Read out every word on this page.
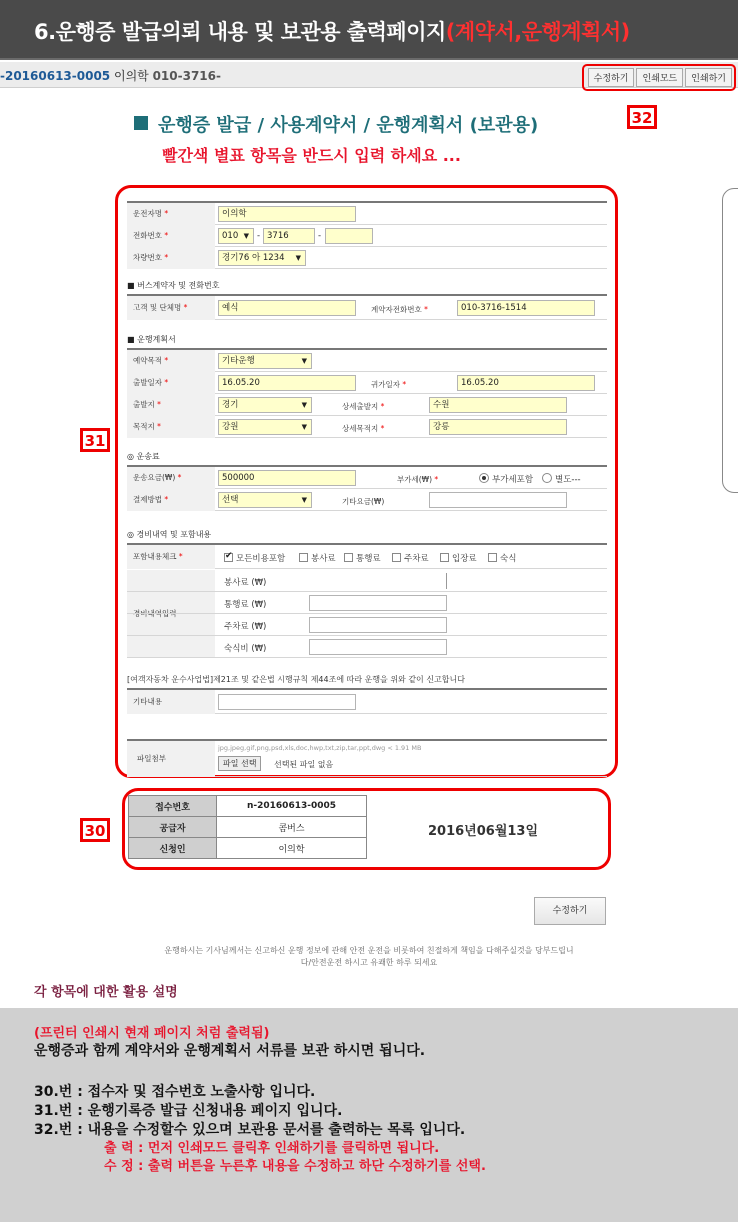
6.운행증 발급의뢰 내용 및 보관용 출력페이지(계약서,운행계획서)
-20160613-0005 이의학 010-3716-	수정하기	인쇄모드	인쇄하기
운행증 발급 / 사용계약서 / 운행계획서 (보관용)	32
빨간색 별표 항목을 반드시 입력 하세요 ...
31
운전자명 *	이의학
전화번호 *	010 ▼ - 3716	-
차량번호 *	경기76 아 1234 ▼
■ 버스계약자 및 전화번호
고객 및 단체명 *	예식	계약자전화번호 *	010-3716-1514
■ 운행계획서
예약목적 *	기타운행	▼
출발일자 *	16.05.20	귀가일자 *	16.05.20
출발지 *	경기	▼	상세출발지 *	수원
목적지 *	강원	▼	상세목적지 *	강릉
◎ 운송료
운송요금(₩) *	500000	부가세(₩) *	부가세포함	별도---
결제방법 *	선택	▼	기타요금(₩)
◎ 경비내역 및 포함내용
포함내용체크 * ✔	모든비용포함	봉사료	통행료	주차료	입장료	숙식
경비내역입력
봉사료 (₩)
통행료 (₩)
주차료 (₩)
숙식비 (₩)
[여객자동차 운수사업법]제21조 및 같은법 시행규칙 제44조에 따라 운행을 위와 같이 신고합니다
기타내용
파일첨부
jpg,jpeg,gif,png,psd,xls,doc,hwp,txt,zip,tar,ppt,dwg < 1.91 MB
파일 선택	선택된 파일 없음
30
접수번호	n-20160613-0005
공급자	콤버스
신청인	이의학
2016년06월13일
수정하기
운행하시는 기사님께서는 신고하신 운행 정보에 관해 안전 운전을 비롯하여 친절하게 책임을 다해주실것을 당부드립니
다/안전운전 하시고 유쾌한 하루 되세요
각 항목에 대한 활용 설명
(프린터 인쇄시 현재 페이지 처럼 출력됨)
운행증과 함께 계약서와 운행계획서 서류를 보관 하시면 됩니다.
30.번 : 접수자 및 접수번호 노출사항 입니다.
31.번 : 운행기록증 발급 신청내용 페이지 입니다.
32.번 : 내용을 수정할수 있으며 보관용 문서를 출력하는 목록 입니다.
출 력 : 먼저 인쇄모드 클릭후 인쇄하기를 클릭하면 됩니다.
수 정 : 출력 버튼을 누른후 내용을 수정하고 하단 수정하기를 선택.
